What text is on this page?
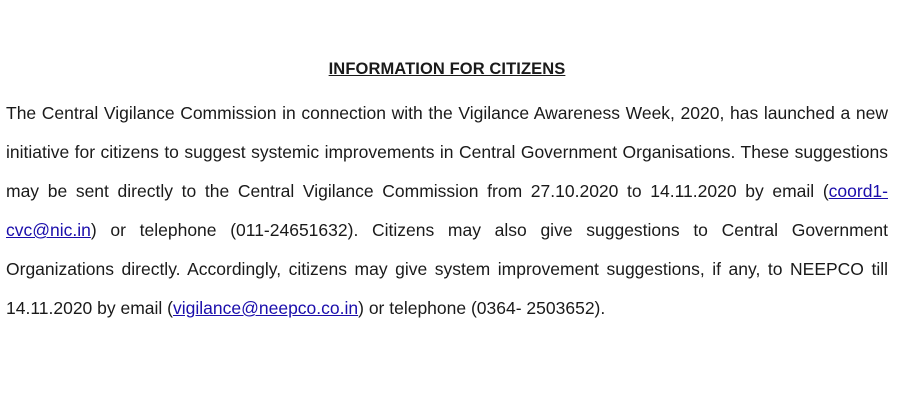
INFORMATION FOR CITIZENS

The Central Vigilance Commission in connection with the Vigilance Awareness Week, 2020, has launched a new initiative for citizens to suggest systemic improvements in Central Government Organisations. These suggestions may be sent directly to the Central Vigilance Commission from 27.10.2020 to 14.11.2020 by email (coord1-cvc@nic.in) or telephone (011-24651632). Citizens may also give suggestions to Central Government Organizations directly. Accordingly, citizens may give system improvement suggestions, if any, to NEEPCO till 14.11.2020 by email (vigilance@neepco.co.in) or telephone (0364- 2503652).
